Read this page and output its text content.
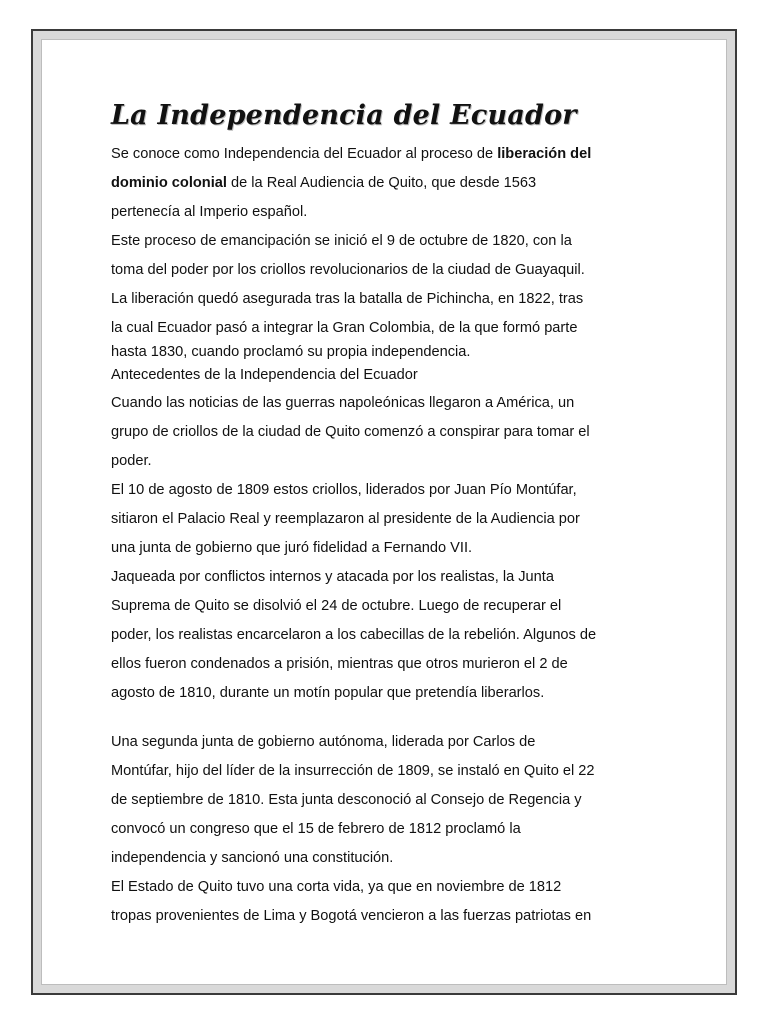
La Independencia del Ecuador
Se conoce como Independencia del Ecuador al proceso de liberación del
dominio colonial de la Real Audiencia de Quito, que desde 1563
pertenecía al Imperio español.
Este proceso de emancipación se inició el 9 de octubre de 1820, con la
toma del poder por los criollos revolucionarios de la ciudad de Guayaquil.
La liberación quedó asegurada tras la batalla de Pichincha, en 1822, tras
la cual Ecuador pasó a integrar la Gran Colombia, de la que formó parte
hasta 1830, cuando proclamó su propia independencia.
Antecedentes de la Independencia del Ecuador
Cuando las noticias de las guerras napoleónicas llegaron a América, un
grupo de criollos de la ciudad de Quito comenzó a conspirar para tomar el
poder.
El 10 de agosto de 1809 estos criollos, liderados por Juan Pío Montúfar,
sitiaron el Palacio Real y reemplazaron al presidente de la Audiencia por
una junta de gobierno que juró fidelidad a Fernando VII.
Jaqueada por conflictos internos y atacada por los realistas, la Junta
Suprema de Quito se disolvió el 24 de octubre. Luego de recuperar el
poder, los realistas encarcelaron a los cabecillas de la rebelión. Algunos de
ellos fueron condenados a prisión, mientras que otros murieron el 2 de
agosto de 1810, durante un motín popular que pretendía liberarlos.
Una segunda junta de gobierno autónoma, liderada por Carlos de
Montúfar, hijo del líder de la insurrección de 1809, se instaló en Quito el 22
de septiembre de 1810. Esta junta desconoció al Consejo de Regencia y
convocó un congreso que el 15 de febrero de 1812 proclamó la
independencia y sancionó una constitución.
El Estado de Quito tuvo una corta vida, ya que en noviembre de 1812
tropas provenientes de Lima y Bogotá vencieron a las fuerzas patriotas en
